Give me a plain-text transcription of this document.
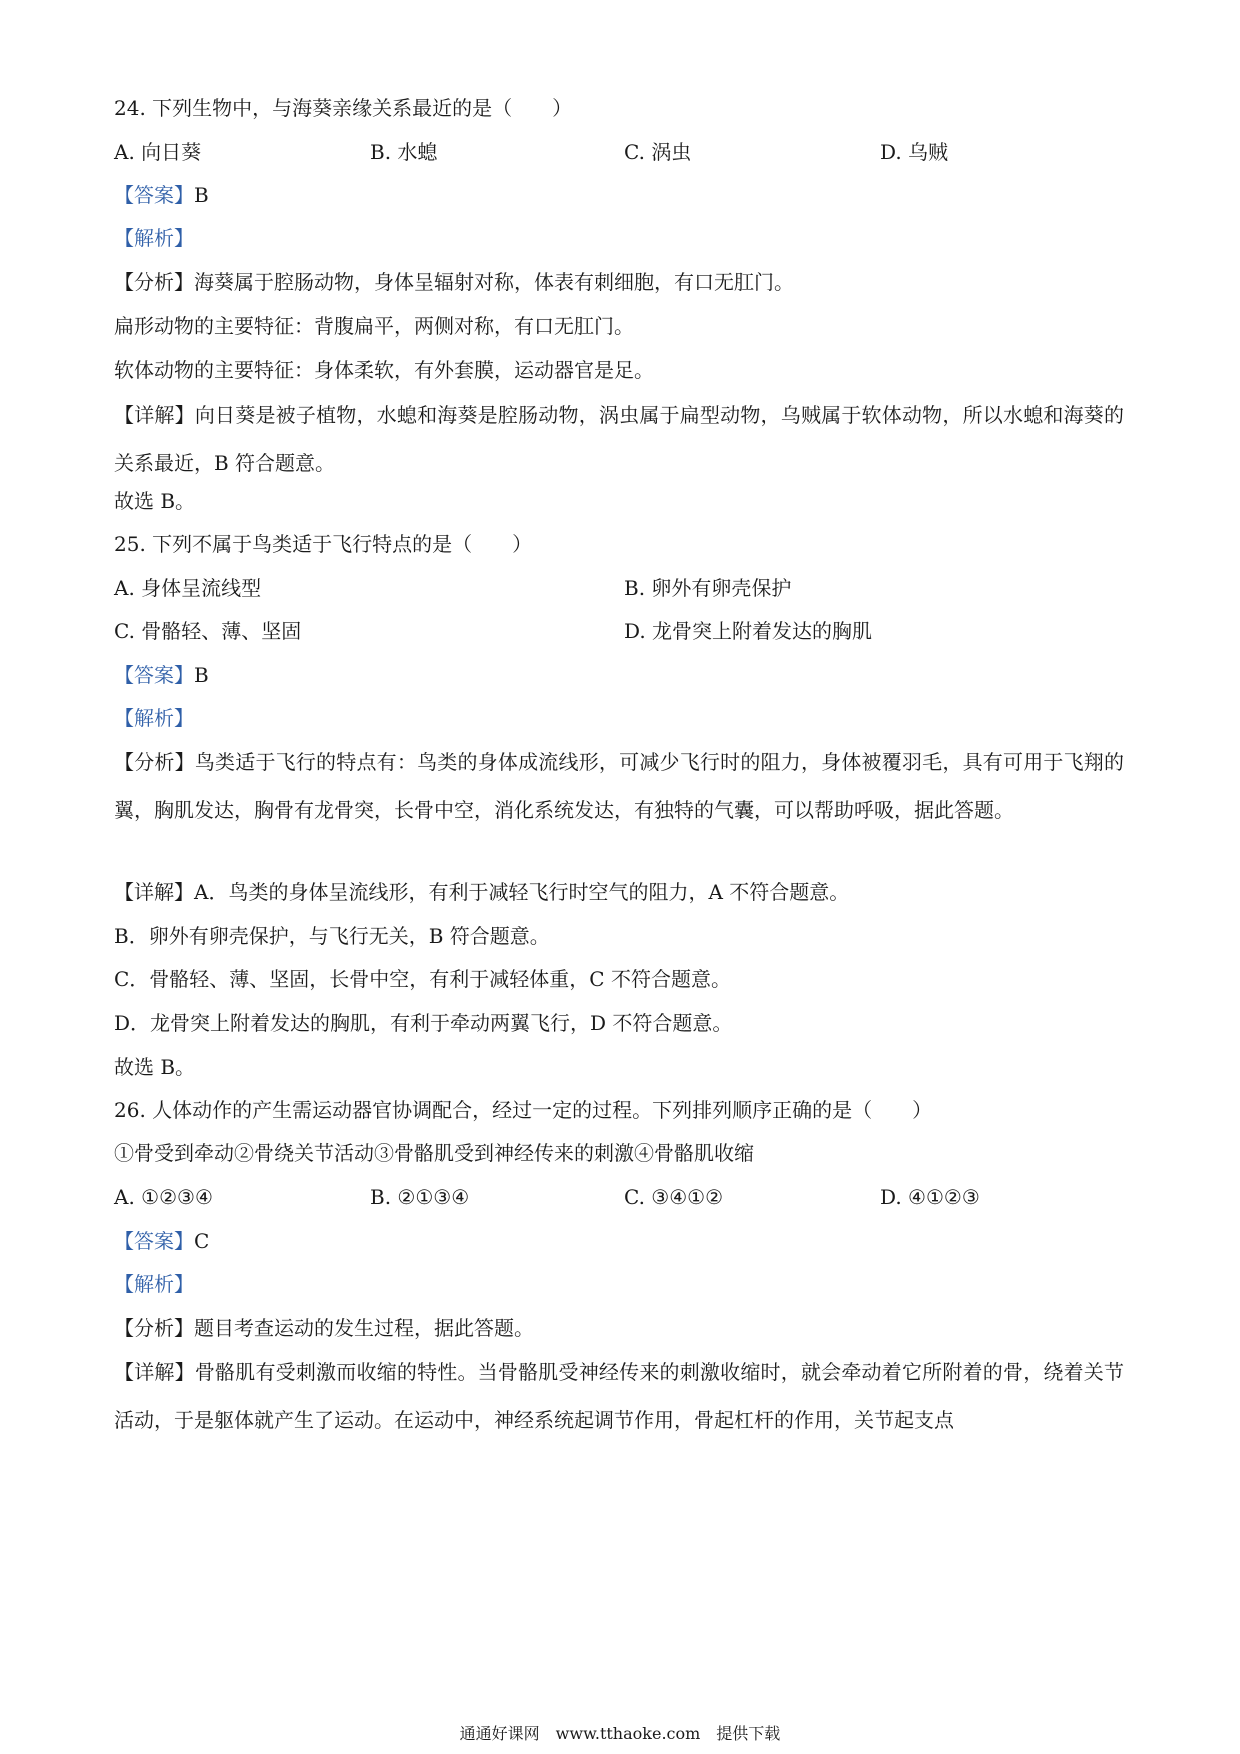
24. 下列生物中，与海葵亲缘关系最近的是（　　）
A. 向日葵	B. 水螅	C. 涡虫	D. 乌贼
【答案】B
【解析】
【分析】海葵属于腔肠动物，身体呈辐射对称，体表有刺细胞，有口无肛门。
扁形动物的主要特征：背腹扁平，两侧对称，有口无肛门。
软体动物的主要特征：身体柔软，有外套膜，运动器官是足。
【详解】向日葵是被子植物，水螅和海葵是腔肠动物，涡虫属于扁型动物，乌贼属于软体动物，所以水螅和海葵的关系最近，B 符合题意。
故选 B。
25. 下列不属于鸟类适于飞行特点的是（　　）
A. 身体呈流线型	B. 卵外有卵壳保护
C. 骨骼轻、薄、坚固	D. 龙骨突上附着发达的胸肌
【答案】B
【解析】
【分析】鸟类适于飞行的特点有：鸟类的身体成流线形，可减少飞行时的阻力，身体被覆羽毛，具有可用于飞翔的翼，胸肌发达，胸骨有龙骨突，长骨中空，消化系统发达，有独特的气囊，可以帮助呼吸，据此答题。
【详解】A．鸟类的身体呈流线形，有利于减轻飞行时空气的阻力，A 不符合题意。
B．卵外有卵壳保护，与飞行无关，B 符合题意。
C．骨骼轻、薄、坚固，长骨中空，有利于减轻体重，C 不符合题意。
D．龙骨突上附着发达的胸肌，有利于牵动两翼飞行，D 不符合题意。
故选 B。
26. 人体动作的产生需运动器官协调配合，经过一定的过程。下列排列顺序正确的是（　　）
①骨受到牵动②骨绕关节活动③骨骼肌受到神经传来的刺激④骨骼肌收缩
A. ①②③④	B. ②①③④	C. ③④①②	D. ④①②③
【答案】C
【解析】
【分析】题目考查运动的发生过程，据此答题。
【详解】骨骼肌有受刺激而收缩的特性。当骨骼肌受神经传来的刺激收缩时，就会牵动着它所附着的骨，绕着关节活动，于是躯体就产生了运动。在运动中，神经系统起调节作用，骨起杠杆的作用，关节起支点
通通好课网　www.tthaoke.com　提供下载
